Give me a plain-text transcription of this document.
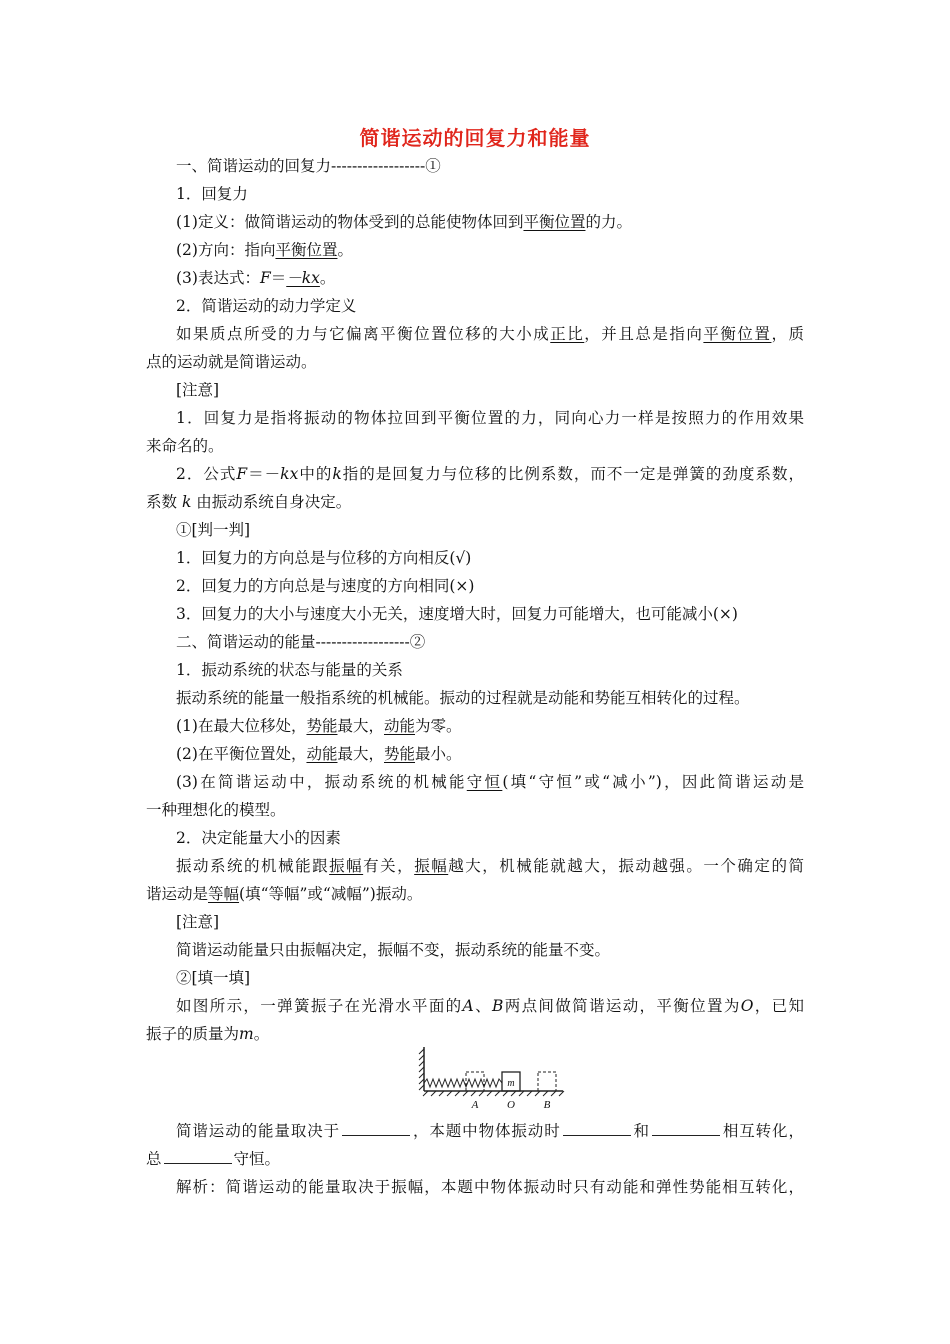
简谐运动的回复力和能量
一、简谐运动的回复力------------------①
1．回复力
(1)定义：做简谐运动的物体受到的总能使物体回到平衡位置的力。
(2)方向：指向平衡位置。
(3)表达式：F＝－kx。
2．简谐运动的动力学定义
如果质点所受的力与它偏离平衡位置位移的大小成正比，并且总是指向平衡位置，质
点的运动就是简谐运动。
[注意]
1．回复力是指将振动的物体拉回到平衡位置的力，同向心力一样是按照力的作用效果
来命名的。
2．公式F＝－kx中的k指的是回复力与位移的比例系数，而不一定是弹簧的劲度系数，
系数 k 由振动系统自身决定。
①[判一判]
1．回复力的方向总是与位移的方向相反(√)
2．回复力的方向总是与速度的方向相同(×)
3．回复力的大小与速度大小无关，速度增大时，回复力可能增大，也可能减小(×)
二、简谐运动的能量------------------②
1．振动系统的状态与能量的关系
振动系统的能量一般指系统的机械能。振动的过程就是动能和势能互相转化的过程。
(1)在最大位移处，势能最大，动能为零。
(2)在平衡位置处，动能最大，势能最小。
(3)在简谐运动中，振动系统的机械能守恒(填“守恒”或“减小”)，因此简谐运动是
一种理想化的模型。
2．决定能量大小的因素
振动系统的机械能跟振幅有关，振幅越大，机械能就越大，振动越强。一个确定的简
谐运动是等幅(填“等幅”或“减幅”)振动。
[注意]
简谐运动能量只由振幅决定，振幅不变，振动系统的能量不变。
②[填一填]
如图所示，一弹簧振子在光滑水平面的A、B两点间做简谐运动，平衡位置为O，已知
振子的质量为m。
m
A	O	B
简谐运动的能量取决于	，本题中物体振动时	和	相互转化，
总	守恒。
解析：简谐运动的能量取决于振幅，本题中物体振动时只有动能和弹性势能相互转化，
